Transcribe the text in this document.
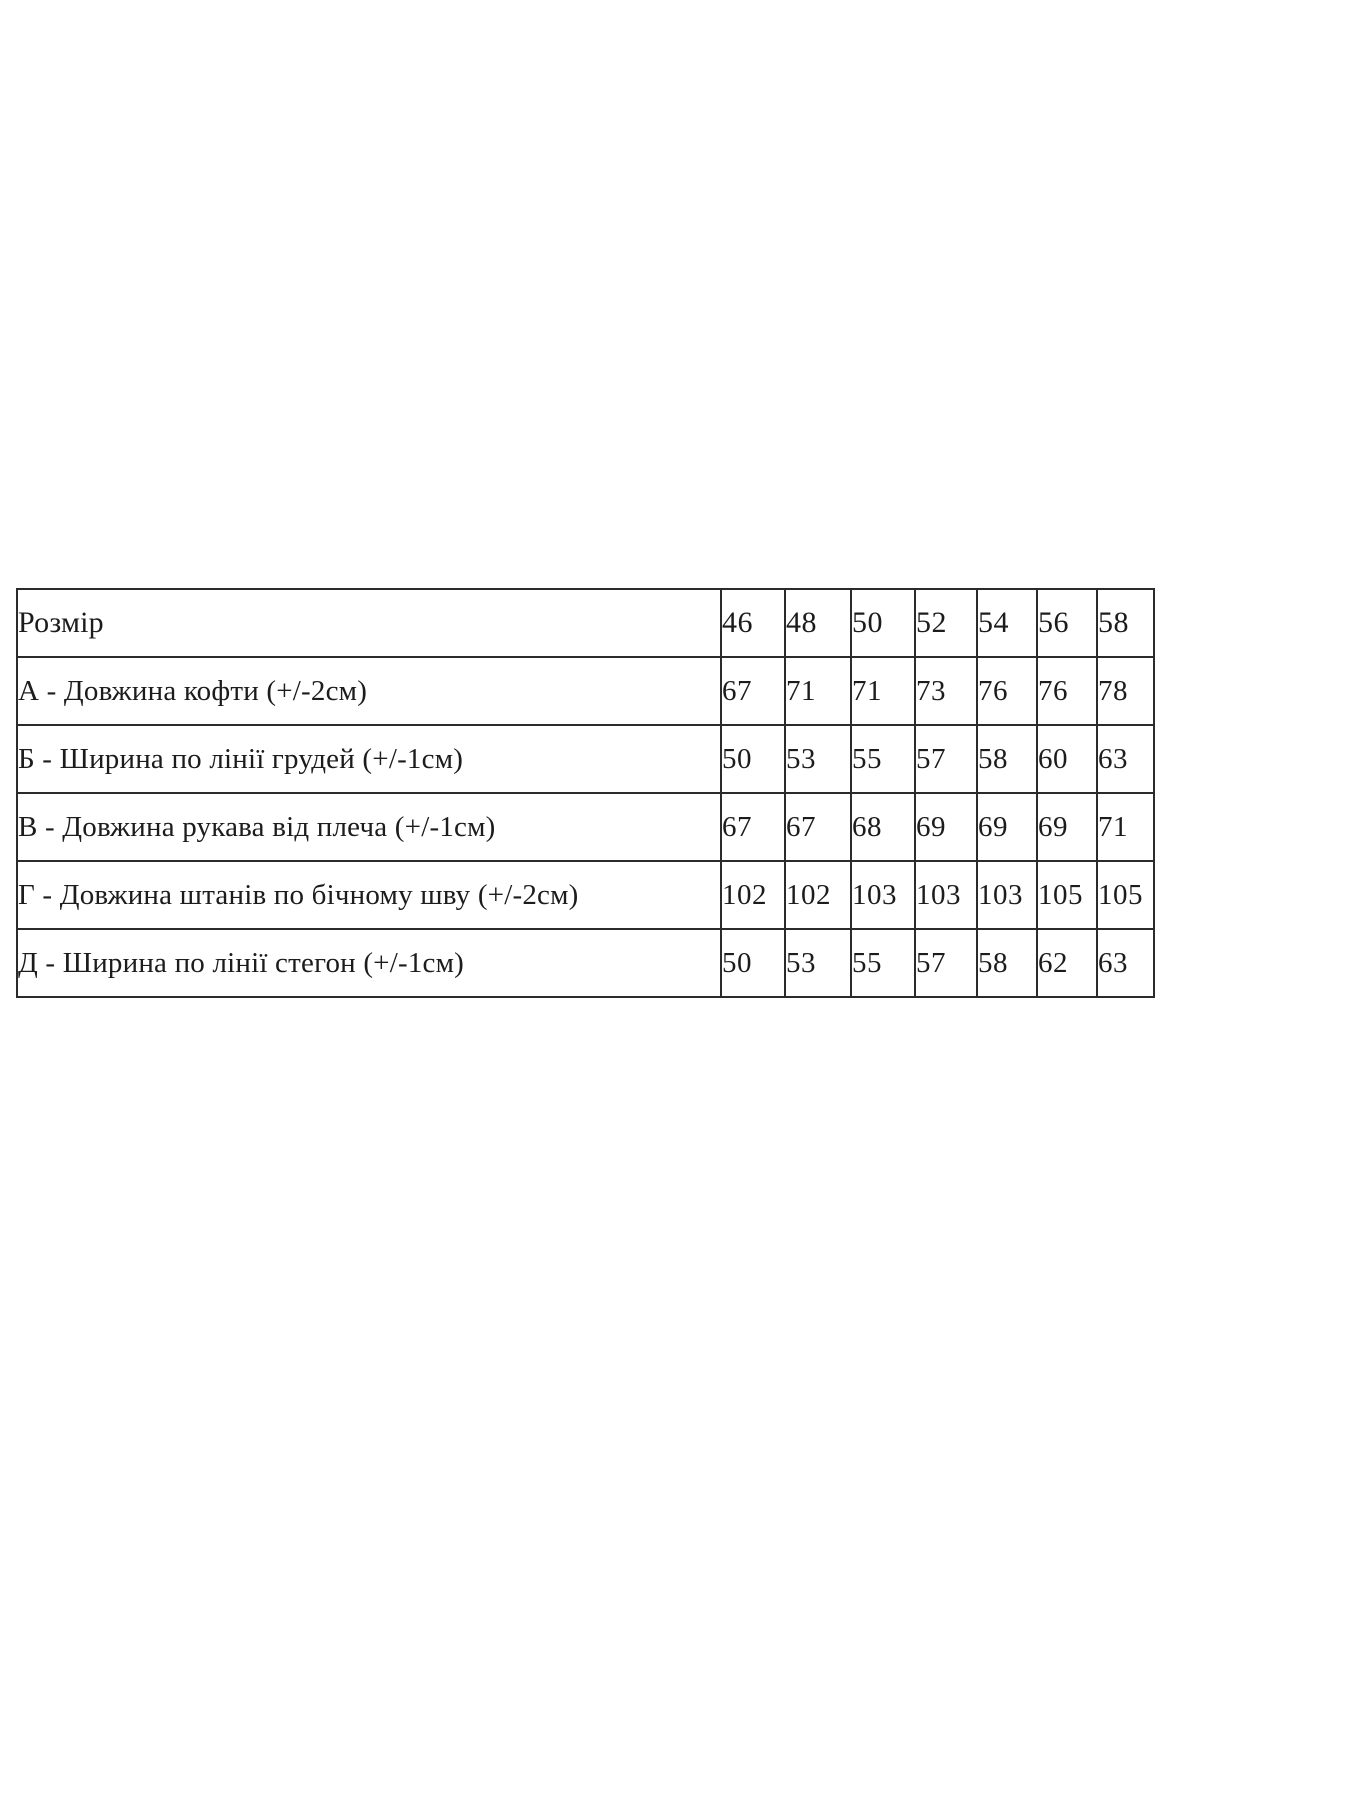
Розмір	46	48	50	52	54	56	58
А - Довжина кофти (+/-2см)	67	71	71	73	76	76	78
Б - Ширина по лінії грудей (+/-1см)	50	53	55	57	58	60	63
В - Довжина рукава від плеча (+/-1см)	67	67	68	69	69	69	71
Г - Довжина штанів по бічному шву (+/-2см)	102	102	103	103	103	105	105
Д - Ширина по лінії стегон (+/-1см)	50	53	55	57	58	62	63
